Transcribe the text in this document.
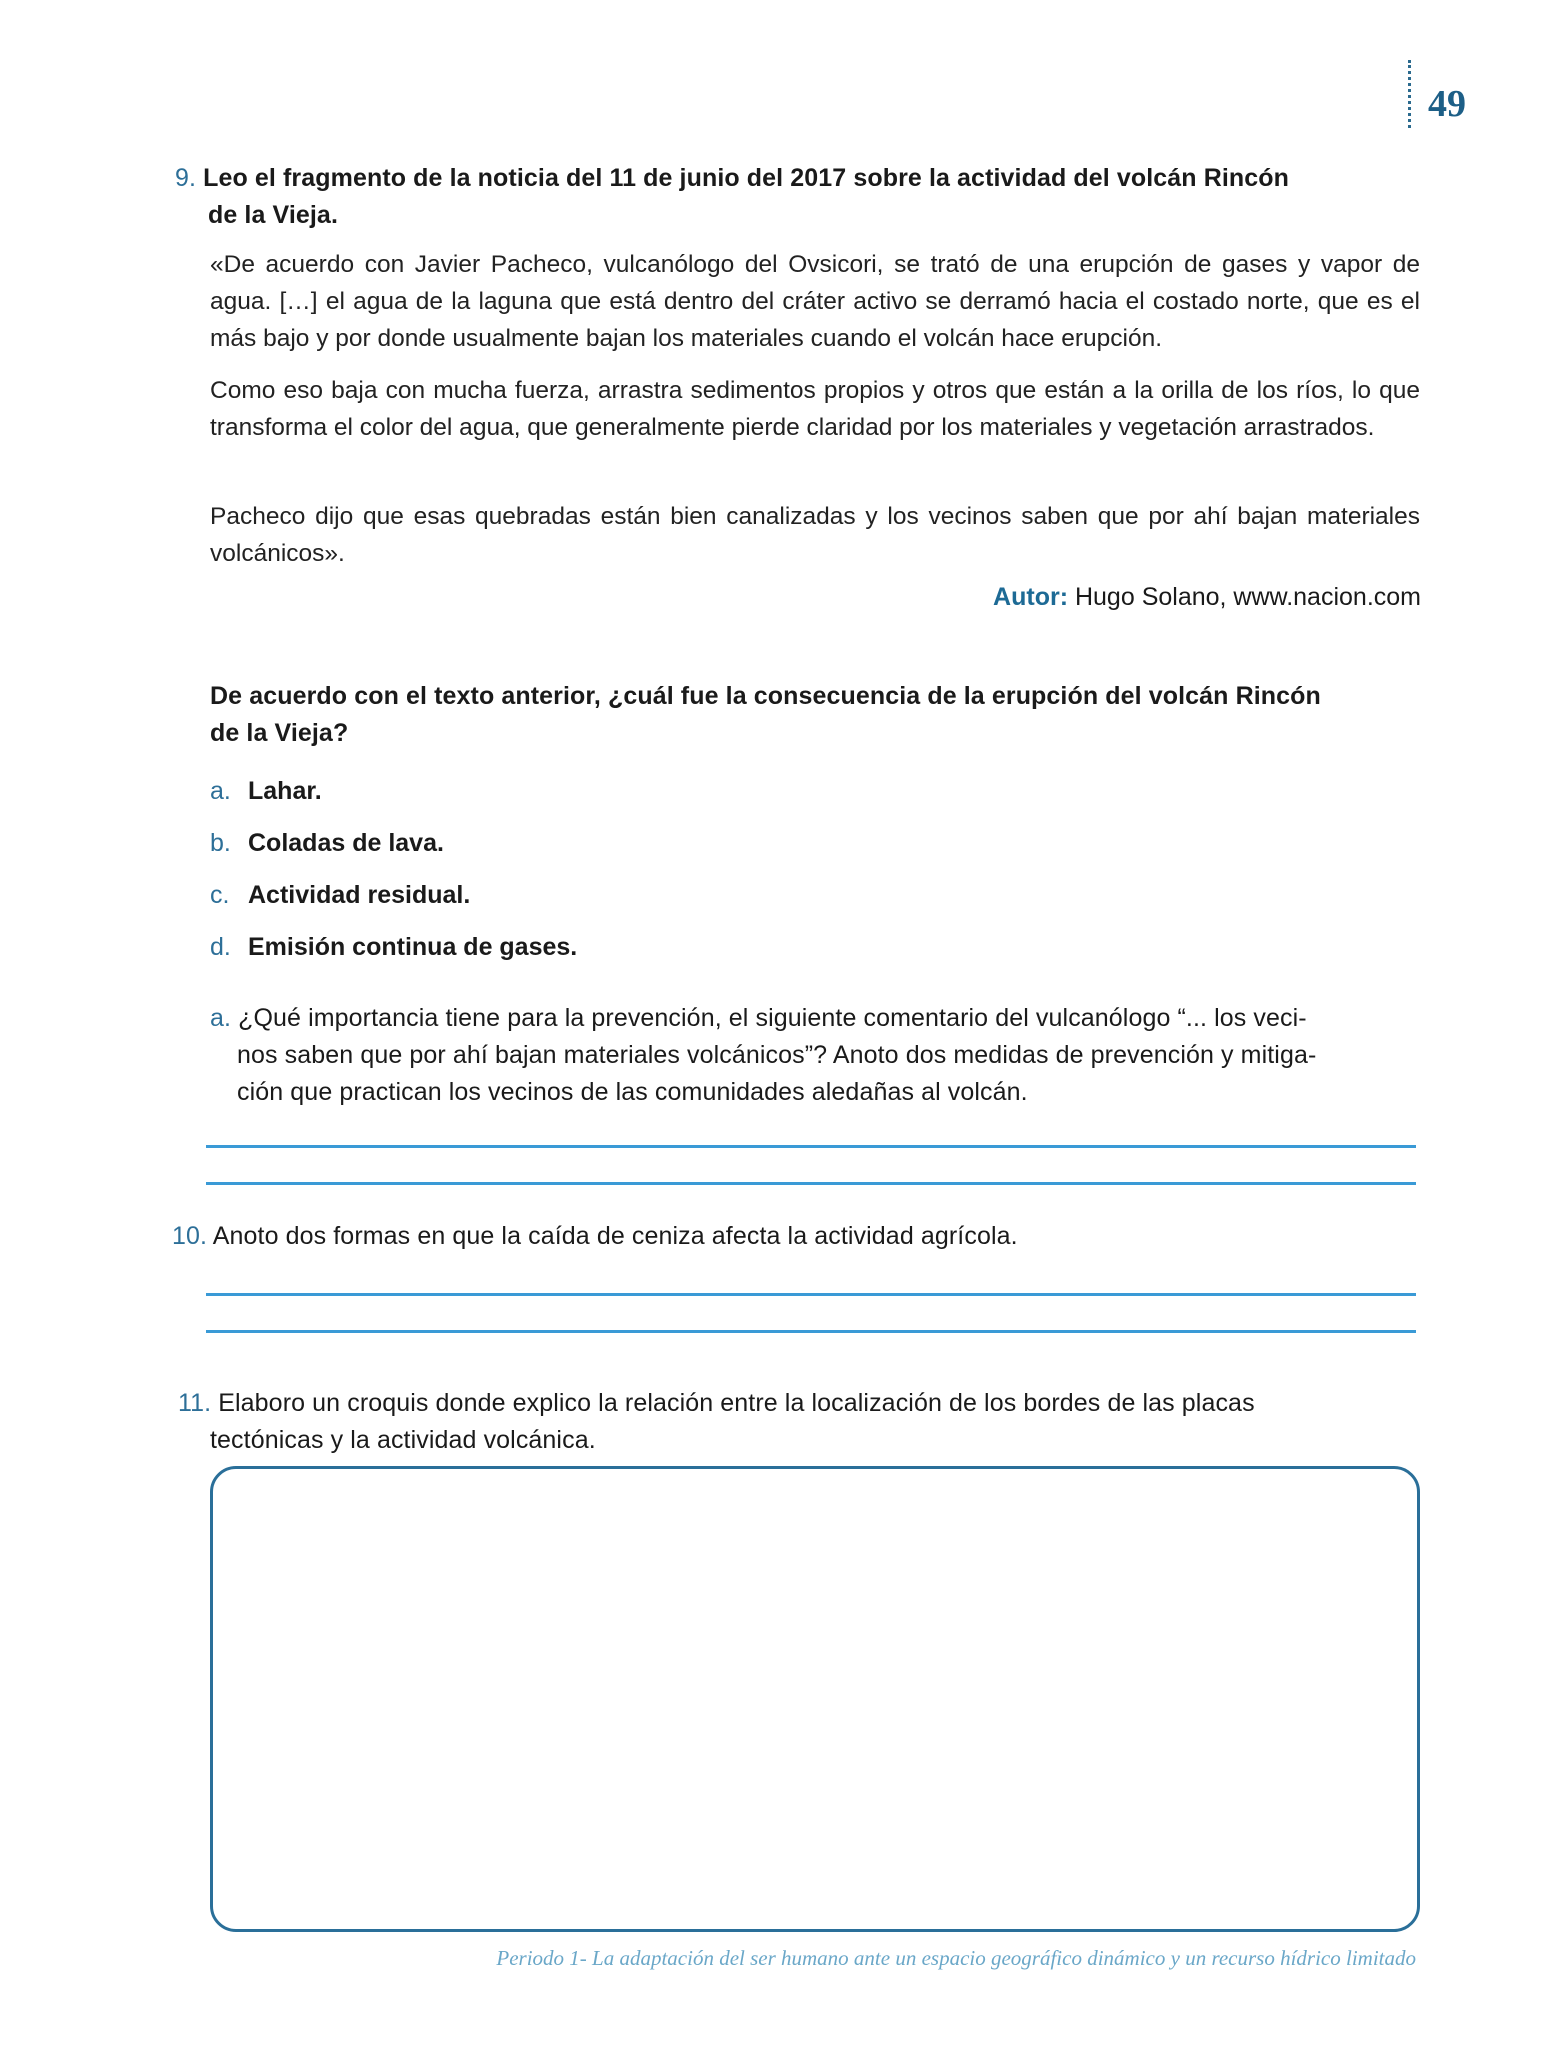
49
9. Leo el fragmento de la noticia del 11 de junio del 2017 sobre la actividad del volcán Rincón
de la Vieja.
«De acuerdo con Javier Pacheco, vulcanólogo del Ovsicori, se trató de una erupción de gases y vapor de agua. […] el agua de la laguna que está dentro del cráter activo se derramó hacia el costado norte, que es el más bajo y por donde usualmente bajan los materiales cuando el volcán hace erupción.
Como eso baja con mucha fuerza, arrastra sedimentos propios y otros que están a la orilla de los ríos, lo que transforma el color del agua, que generalmente pierde claridad por los materiales y vegetación arrastrados.
Pacheco dijo que esas quebradas están bien canalizadas y los vecinos saben que por ahí bajan materiales volcánicos».
Autor: Hugo Solano, www.nacion.com
De acuerdo con el texto anterior, ¿cuál fue la consecuencia de la erupción del volcán Rincón
de la Vieja?
a. Lahar.
b. Coladas de lava.
c. Actividad residual.
d. Emisión continua de gases.
a. ¿Qué importancia tiene para la prevención, el siguiente comentario del vulcanólogo “... los veci-
nos saben que por ahí bajan materiales volcánicos”? Anoto dos medidas de prevención y mitiga-
ción que practican los vecinos de las comunidades aledañas al volcán.
10. Anoto dos formas en que la caída de ceniza afecta la actividad agrícola.
11. Elaboro un croquis donde explico la relación entre la localización de los bordes de las placas
tectónicas y la actividad volcánica.
Periodo 1- La adaptación del ser humano ante un espacio geográfico dinámico y un recurso hídrico limitado
